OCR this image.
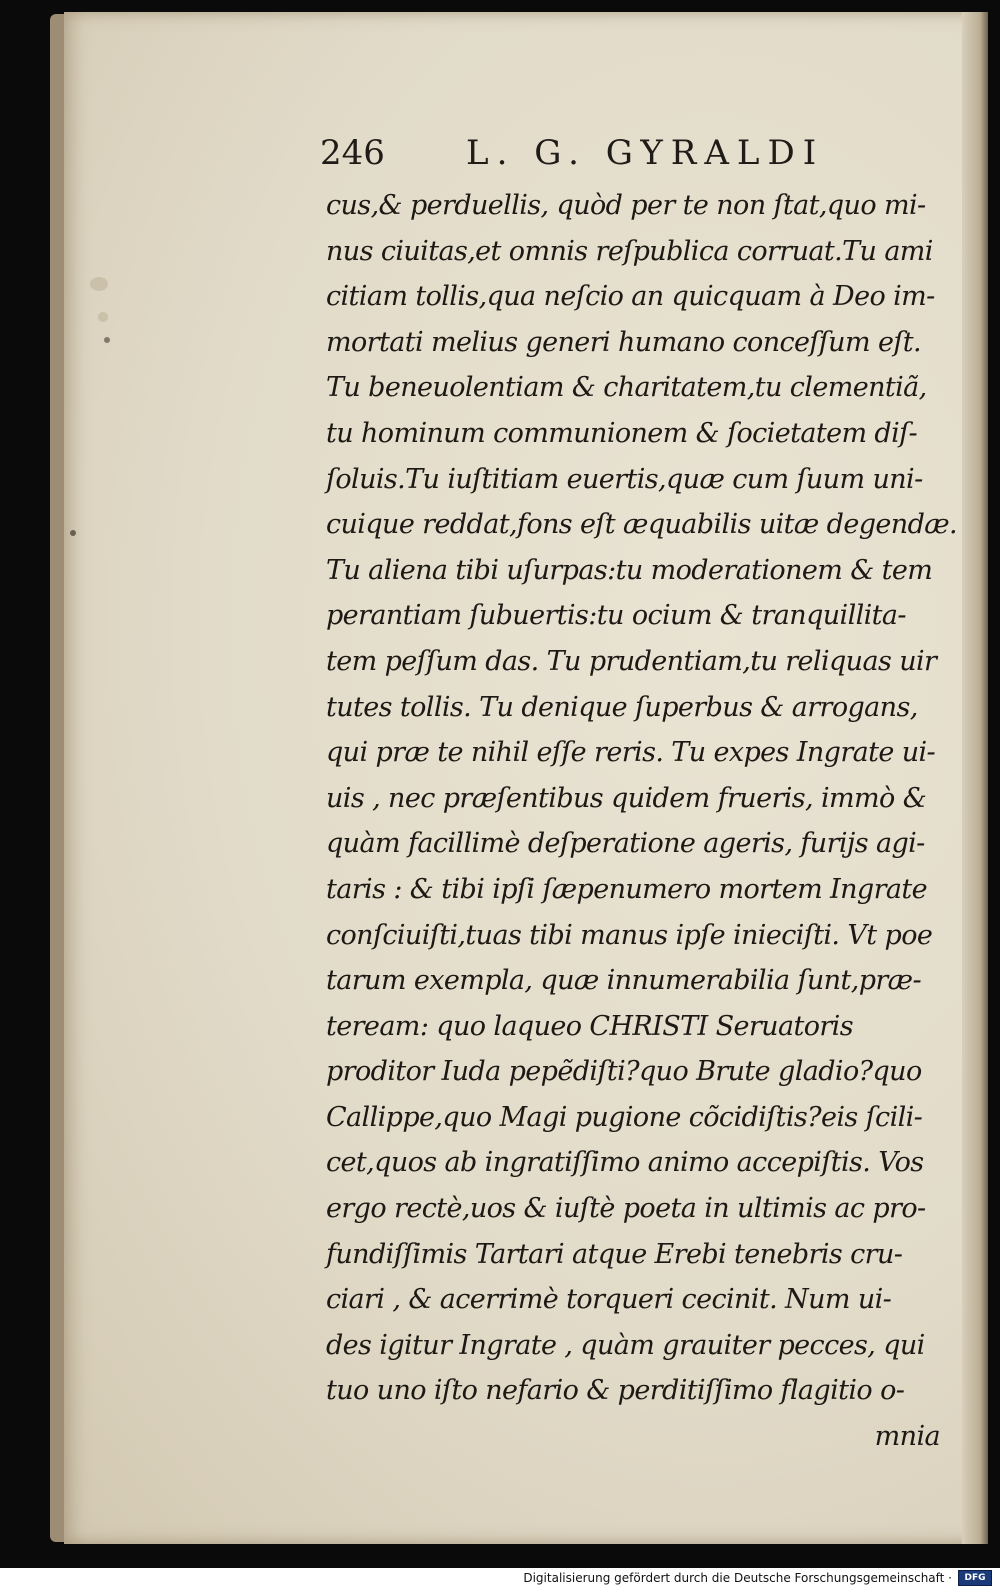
246 L. G. GYRALDI
cus,& perduellis, quòd per te non ſtat,quo mi-
nus ciuitas,et omnis reſpublica corruat.Tu ami
citiam tollis,qua neſcio an quicquam à Deo im-
mortati melius generi humano conceſſum eſt.
Tu beneuolentiam & charitatem,tu clementiã,
tu hominum communionem & ſocietatem diſ-
ſoluis.Tu iuſtitiam euertis,quæ cum ſuum uni-
cuique reddat,fons eſt æquabilis uitæ degendæ.
Tu aliena tibi uſurpas:tu moderationem & tem
perantiam ſubuertis:tu ocium & tranquillita-
tem peſſum das. Tu prudentiam,tu reliquas uir
tutes tollis. Tu denique ſuperbus & arrogans,
qui præ te nihil eſſe reris. Tu expes Ingrate ui-
uis , nec præſentibus quidem frueris, immò &
quàm facillimè deſperatione ageris, furijs agi-
taris : & tibi ipſi ſæpenumero mortem Ingrate
conſciuiſti,tuas tibi manus ipſe inieciſti. Vt poe
tarum exempla, quæ innumerabilia ſunt,præ-
teream: quo laqueo CHRISTI Seruatoris
proditor Iuda pepẽdiſti?quo Brute gladio?quo
Callippe,quo Magi pugione cõcidiſtis?eis ſcili-
cet,quos ab ingratiſſimo animo accepiſtis. Vos
ergo rectè,uos & iuſtè poeta in ultimis ac pro-
fundiſſimis Tartari atque Erebi tenebris cru-
ciari , & acerrimè torqueri cecinit. Num ui-
des igitur Ingrate , quàm grauiter pecces, qui
tuo uno iſto nefario & perditiſſimo flagitio o-
mnia
Digitalisierung gefördert durch die Deutsche Forschungsgemeinschaft ·	DFG
